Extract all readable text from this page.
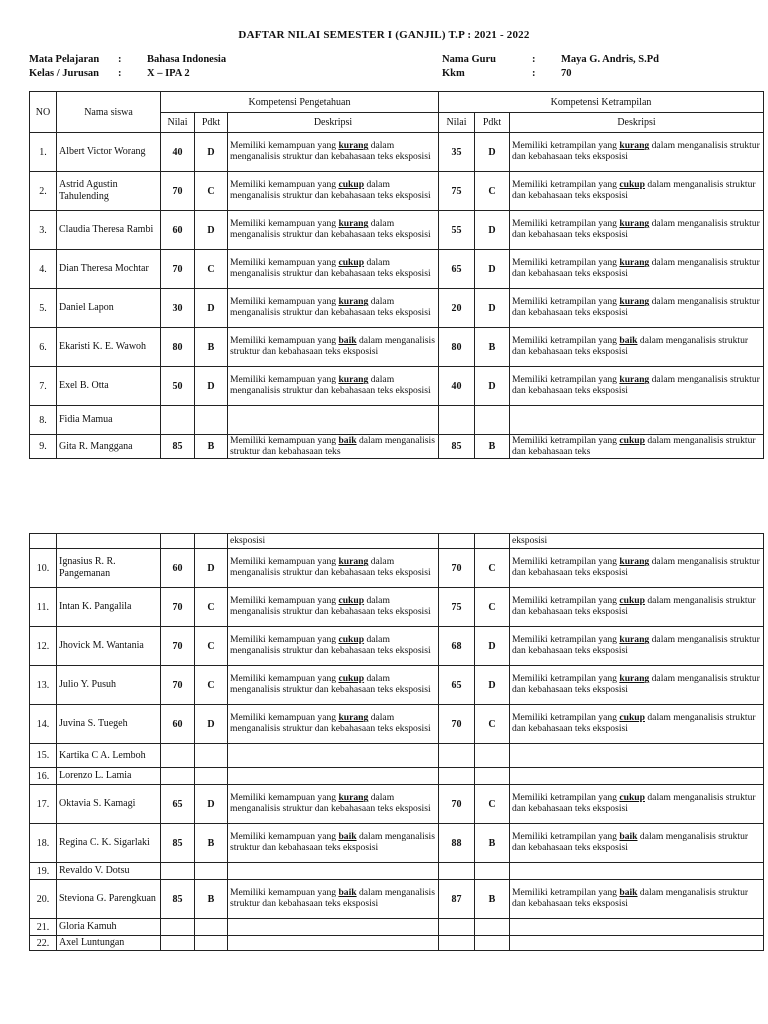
DAFTAR NILAI SEMESTER I (GANJIL) T.P : 2021 - 2022
Mata Pelajaran : Bahasa Indonesia
Kelas / Jurusan : X – IPA 2
Nama Guru	: Maya G. Andris, S.Pd
Kkm	: 70
NO	Nama siswa	Kompetensi Pengetahuan			Kompetensi Ketrampilan		
		Nilai	Pdkt	Deskripsi	Nilai	Pdkt	Deskripsi
1.	Albert Victor Worang	40	D	Memiliki kemampuan yang kurang dalam menganalisis struktur dan kebahasaan teks eksposisi	35	D	Memiliki ketrampilan yang kurang dalam menganalisis struktur dan kebahasaan teks eksposisi
2.	Astrid Agustin Tahulending	70	C	Memiliki kemampuan yang cukup dalam menganalisis struktur dan kebahasaan teks eksposisi	75	C	Memiliki ketrampilan yang cukup dalam menganalisis struktur dan kebahasaan teks eksposisi
3.	Claudia Theresa Rambi	60	D	Memiliki kemampuan yang kurang dalam menganalisis struktur dan kebahasaan teks eksposisi	55	D	Memiliki ketrampilan yang kurang dalam menganalisis struktur dan kebahasaan teks eksposisi
4.	Dian Theresa Mochtar	70	C	Memiliki kemampuan yang cukup dalam menganalisis struktur dan kebahasaan teks eksposisi	65	D	Memiliki ketrampilan yang kurang dalam menganalisis struktur dan kebahasaan teks eksposisi
5.	Daniel Lapon	30	D	Memiliki kemampuan yang kurang dalam menganalisis struktur dan kebahasaan teks eksposisi	20	D	Memiliki ketrampilan yang kurang dalam menganalisis struktur dan kebahasaan teks eksposisi
6.	Ekaristi K. E. Wawoh	80	B	Memiliki kemampuan yang baik dalam menganalisis struktur dan kebahasaan teks eksposisi	80	B	Memiliki ketrampilan yang baik dalam menganalisis struktur dan kebahasaan teks eksposisi
7.	Exel B. Otta	50	D	Memiliki kemampuan yang kurang dalam menganalisis struktur dan kebahasaan teks eksposisi	40	D	Memiliki ketrampilan yang kurang dalam menganalisis struktur dan kebahasaan teks eksposisi
8.	Fidia Mamua						
9.	Gita R. Manggana	85	B	Memiliki kemampuan yang baik dalam menganalisis struktur dan kebahasaan teks	85	B	Memiliki ketrampilan yang cukup dalam menganalisis struktur dan kebahasaan teks
				eksposisi			eksposisi
10.	Ignasius R. R. Pangemanan	60	D	Memiliki kemampuan yang kurang dalam menganalisis struktur dan kebahasaan teks eksposisi	70	C	Memiliki ketrampilan yang kurang dalam menganalisis struktur dan kebahasaan teks eksposisi
11.	Intan K. Pangalila	70	C	Memiliki kemampuan yang cukup dalam menganalisis struktur dan kebahasaan teks eksposisi	75	C	Memiliki ketrampilan yang cukup dalam menganalisis struktur dan kebahasaan teks eksposisi
12.	Jhovick M. Wantania	70	C	Memiliki kemampuan yang cukup dalam menganalisis struktur dan kebahasaan teks eksposisi	68	D	Memiliki ketrampilan yang kurang dalam menganalisis struktur dan kebahasaan teks eksposisi
13.	Julio Y. Pusuh	70	C	Memiliki kemampuan yang cukup dalam menganalisis struktur dan kebahasaan teks eksposisi	65	D	Memiliki ketrampilan yang kurang dalam menganalisis struktur dan kebahasaan teks eksposisi
14.	Juvina S. Tuegeh	60	D	Memiliki kemampuan yang kurang dalam menganalisis struktur dan kebahasaan teks eksposisi	70	C	Memiliki ketrampilan yang cukup dalam menganalisis struktur dan kebahasaan teks eksposisi
15.	Kartika C A. Lemboh						
16.	Lorenzo L. Lamia						
17.	Oktavia S. Kamagi	65	D	Memiliki kemampuan yang kurang dalam menganalisis struktur dan kebahasaan teks eksposisi	70	C	Memiliki ketrampilan yang cukup dalam menganalisis struktur dan kebahasaan teks eksposisi
18.	Regina C. K. Sigarlaki	85	B	Memiliki kemampuan yang baik dalam menganalisis struktur dan kebahasaan teks eksposisi	88	B	Memiliki ketrampilan yang baik dalam menganalisis struktur dan kebahasaan teks eksposisi
19.	Revaldo V. Dotsu						
20.	Steviona G. Parengkuan	85	B	Memiliki kemampuan yang baik dalam menganalisis struktur dan kebahasaan teks eksposisi	87	B	Memiliki ketrampilan yang baik dalam menganalisis struktur dan kebahasaan teks eksposisi
21.	Gloria Kamuh						
22.	Axel Luntungan						
